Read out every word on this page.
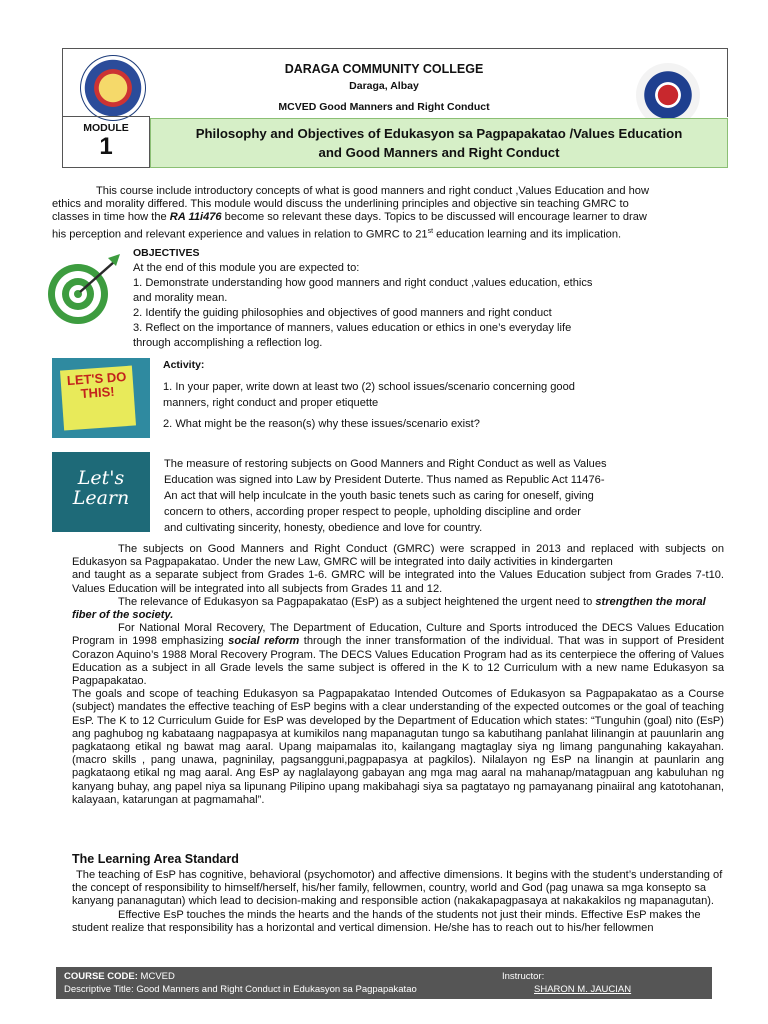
DARAGA COMMUNITY COLLEGE
Daraga, Albay
MCVED Good Manners and Right Conduct
MODULE
1	Philosophy and Objectives of Edukasyon sa Pagpapakatao /Values Education
and Good Manners and Right Conduct
This course include introductory concepts of what is good manners and right conduct ,Values Education and how
ethics and morality differed. This module would discuss the underlining principles and objective sin teaching GMRC to
classes in time how the RA 11i476 become so relevant these days. Topics to be discussed will encourage learner to draw
his perception and relevant experience and values in relation to GMRC to 21st education learning and its implication.
OBJECTIVES
At the end of this module you are expected to:
1. Demonstrate understanding how good manners and right conduct ,values education, ethics
and morality mean.
2. Identify the guiding philosophies and objectives of good manners and right conduct
3. Reflect on the importance of manners, values education or ethics in one’s everyday life
through accomplishing a reflection log.
LET'S DO THIS!
Activity:
1. In your paper, write down at least two (2) school issues/scenario concerning good
manners, right conduct and proper etiquette
2. What might be the reason(s) why these issues/scenario exist?
Let's Learn
The measure of restoring subjects on Good Manners and Right Conduct as well as Values
Education was signed into Law by President Duterte. Thus named as Republic Act 11476-
An act that will help inculcate in the youth basic tenets such as caring for oneself, giving
concern to others, according proper respect to people, upholding discipline and order
and cultivating sincerity, honesty, obedience and love for country.
The subjects on Good Manners and Right Conduct (GMRC) were scrapped in 2013 and replaced with subjects on Edukasyon sa Pagpapakatao. Under the new Law, GMRC will be integrated into daily activities in kindergarten
and taught as a separate subject from Grades 1-6. GMRC will be integrated into the Values Education subject from Grades 7-t10. Values Education will be integrated into all subjects from Grades 11 and 12.
The relevance of Edukasyon sa Pagpapakatao (EsP) as a subject heightened the urgent need to strengthen the moral fiber of the society.
For National Moral Recovery, The Department of Education, Culture and Sports introduced the DECS Values Education Program in 1998 emphasizing social reform through the inner transformation of the individual. That was in support of President Corazon Aquino’s 1988 Moral Recovery Program. The DECS Values Education Program had as its centerpiece the offering of Values Education as a subject in all Grade levels the same subject is offered in the K to 12 Curriculum with a new name Edukasyon sa Pagpapakatao.
The goals and scope of teaching Edukasyon sa Pagpapakatao Intended Outcomes of Edukasyon sa Pagpapakatao as a Course (subject) mandates the effective teaching of EsP begins with a clear understanding of the expected outcomes or the goal of teaching EsP. The K to 12 Curriculum Guide for EsP was developed by the Department of Education which states: “Tunguhin (goal) nito (EsP) ang paghubog ng kabataang nagpapasya at kumikilos nang mapanagutan tungo sa kabutihang panlahat lilinangin at pauunlarin ang pagkataong etikal ng bawat mag aaral. Upang maipamalas ito, kailangang magtaglay siya ng limang pangunahing kakayahan. (macro skills , pang unawa, pagninilay, pagsangguni,pagpapasya at pagkilos). Nilalayon ng EsP na linangin at paunlarin ang pagkataong etikal ng mag aaral. Ang EsP ay naglalayong gabayan ang mga mag aaral na mahanap/matagpuan ang kabuluhan ng kanyang buhay, ang papel niya sa lipunang Pilipino upang makibahagi siya sa pagtatayo ng pamayanang pinaiiral ang katotohanan, kalayaan, katarungan at pagmamahal”.
The Learning Area Standard
The teaching of EsP has cognitive, behavioral (psychomotor) and affective dimensions. It begins with the student’s understanding of the concept of responsibility to himself/herself, his/her family, fellowmen, country, world and God (pag unawa sa mga konsepto sa kanyang pananagutan) which lead to decision-making and responsible action (nakakapagpasaya at nakakakilos ng mapanagutan).
Effective EsP touches the minds the hearts and the hands of the students not just their minds. Effective EsP makes the student realize that responsibility has a horizontal and vertical dimension. He/she has to reach out to his/her fellowmen
COURSE CODE: MCVED
Descriptive Title: Good Manners and Right Conduct in Edukasyon sa Pagpapakatao
Instructor:
SHARON M. JAUCIAN
